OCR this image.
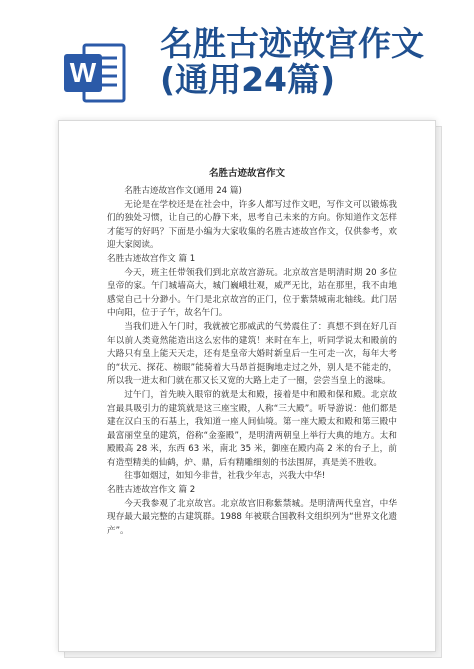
W
名胜古迹故宫作文
(通用24篇)
名胜古迹故宫作文

名胜古迹故宫作文(通用 24 篇)

无论是在学校还是在社会中，许多人都写过作文吧，写作文可以锻炼我们的独处习惯，让自己的心静下来，思考自己未来的方向。你知道作文怎样才能写的好吗？下面是小编为大家收集的名胜古迹故宫作文，仅供参考，欢迎大家阅读。

名胜古迹故宫作文 篇 1

今天，班主任带领我们到北京故宫游玩。北京故宫是明清时期 20 多位皇帝的家。午门城墙高大，城门巍峨壮观，威严无比，站在那里，我不由地感觉自己十分渺小。午门是北京故宫的正门，位于紫禁城南北轴线。此门居中向阳，位于子午，故名午门。

当我们进入午门时，我就被它那威武的气势震住了：真想不到在好几百年以前人类竟然能造出这么宏伟的建筑！来时在车上，听同学说太和殿前的大路只有皇上能天天走，还有是皇帝大婚时新皇后一生可走一次，每年大考的“状元、探花、榜眼”能骑着大马昂首挺胸地走过之外，别人是不能走的，所以我一进太和门就在那又长又宽的大路上走了一圈，尝尝当皇上的滋味。

过午门，首先映入眼帘的就是太和殿，接着是中和殿和保和殿。北京故宫最具吸引力的建筑就是这三座宝殿，人称“三大殿”。听导游说：他们都是建在汉白玉的石基上，我知道一座人间仙境。第一座大殿太和殿和第三殿中最富丽堂皇的建筑，俗称“金銮殿”，是明清两朝皇上举行大典的地方。太和殿殿高 28 米，东西 63 米，南北 35 米，御座在殿内高 2 米的台子上，前有造型精美的仙鹤，炉、鼎，后有精雕细刻的书法围屏，真是美不胜收。

往事如烟过，如知今非昔，社我少年志，兴我大中华!

名胜古迹故宫作文 篇 2

今天我参观了北京故宫。北京故宫旧称紫禁城。是明清两代皇宫，中华现存最大最完整的古建筑群。1988 年被联合国教科文组织列为“世界文化遗产”。
